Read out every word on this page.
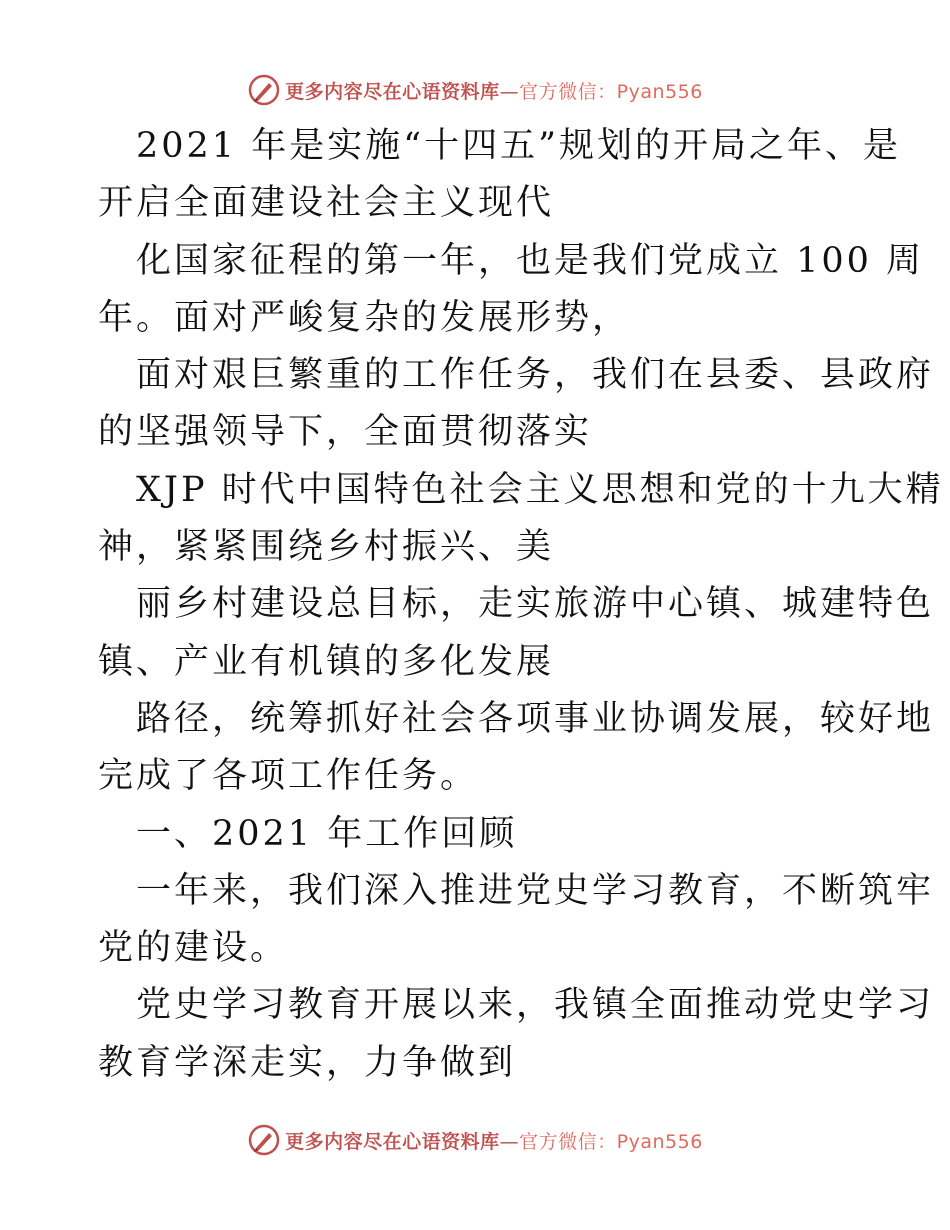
更多内容尽在心语资料库—官方微信：Pyan556
2021 年是实施“十四五”规划的开局之年、是
开启全面建设社会主义现代
化国家征程的第一年，也是我们党成立 100 周
年。面对严峻复杂的发展形势，
面对艰巨繁重的工作任务，我们在县委、县政府
的坚强领导下，全面贯彻落实
XJP 时代中国特色社会主义思想和党的十九大精
神，紧紧围绕乡村振兴、美
丽乡村建设总目标，走实旅游中心镇、城建特色
镇、产业有机镇的多化发展
路径，统筹抓好社会各项事业协调发展，较好地
完成了各项工作任务。
一、2021 年工作回顾
一年来，我们深入推进党史学习教育，不断筑牢
党的建设。
党史学习教育开展以来，我镇全面推动党史学习
教育学深走实，力争做到
更多内容尽在心语资料库—官方微信：Pyan556
